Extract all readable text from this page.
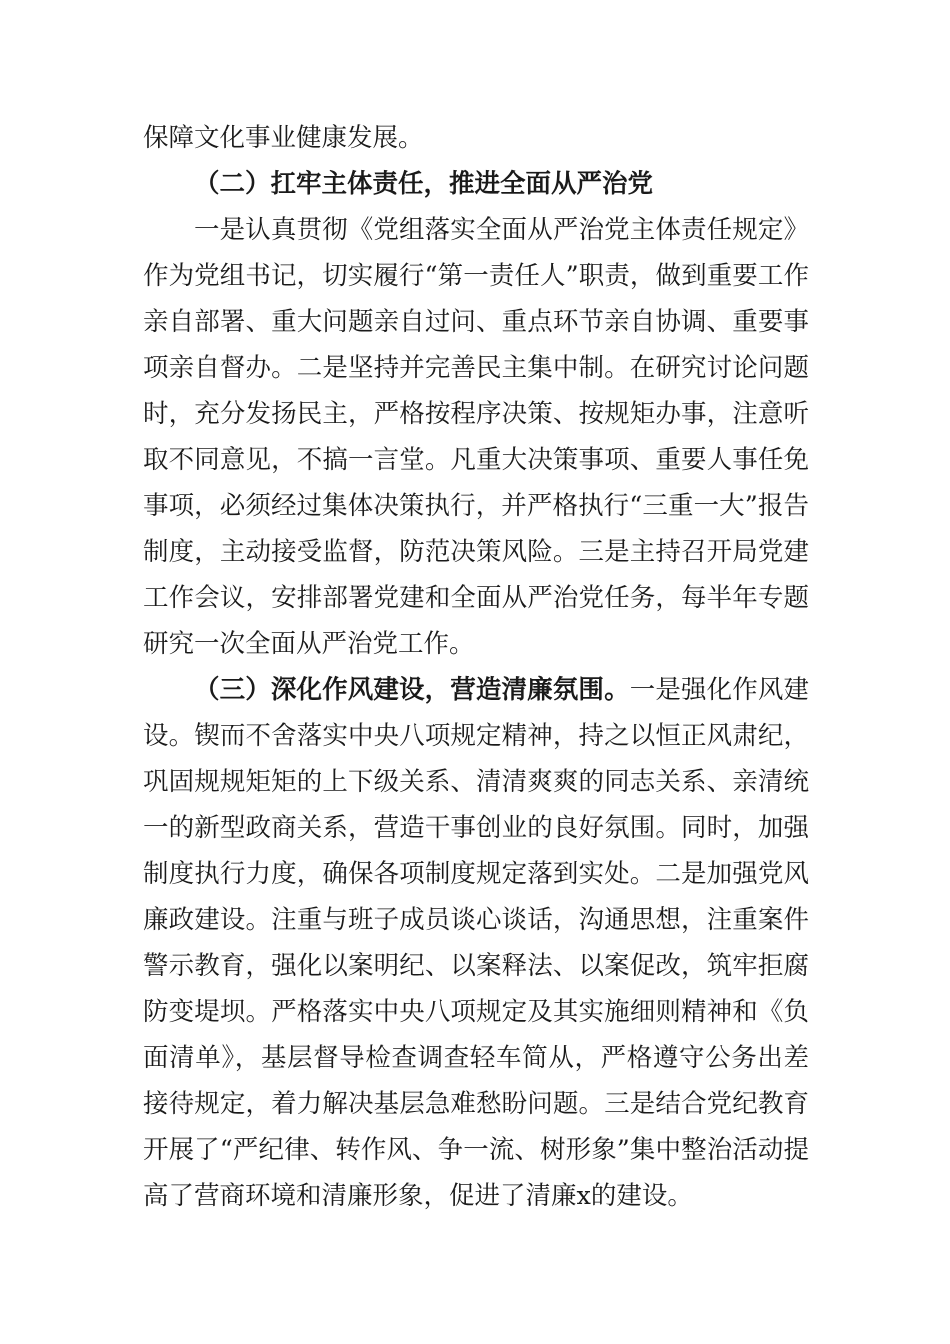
保障文化事业健康发展。

（二）扛牢主体责任，推进全面从严治党

一是认真贯彻《党组落实全面从严治党主体责任规定》作为党组书记，切实履行“第一责任人”职责，做到重要工作亲自部署、重大问题亲自过问、重点环节亲自协调、重要事项亲自督办。二是坚持并完善民主集中制。在研究讨论问题时，充分发扬民主，严格按程序决策、按规矩办事，注意听取不同意见，不搞一言堂。凡重大决策事项、重要人事任免事项，必须经过集体决策执行，并严格执行“三重一大”报告制度，主动接受监督，防范决策风险。三是主持召开局党建工作会议，安排部署党建和全面从严治党任务，每半年专题研究一次全面从严治党工作。

（三）深化作风建设，营造清廉氛围。一是强化作风建设。锲而不舍落实中央八项规定精神，持之以恒正风肃纪，巩固规规矩矩的上下级关系、清清爽爽的同志关系、亲清统一的新型政商关系，营造干事创业的良好氛围。同时，加强制度执行力度，确保各项制度规定落到实处。二是加强党风廉政建设。注重与班子成员谈心谈话，沟通思想，注重案件警示教育，强化以案明纪、以案释法、以案促改，筑牢拒腐防变堤坝。严格落实中央八项规定及其实施细则精神和《负面清单》，基层督导检查调查轻车简从，严格遵守公务出差接待规定，着力解决基层急难愁盼问题。三是结合党纪教育开展了“严纪律、转作风、争一流、树形象”集中整治活动提高了营商环境和清廉形象，促进了清廉x的建设。
